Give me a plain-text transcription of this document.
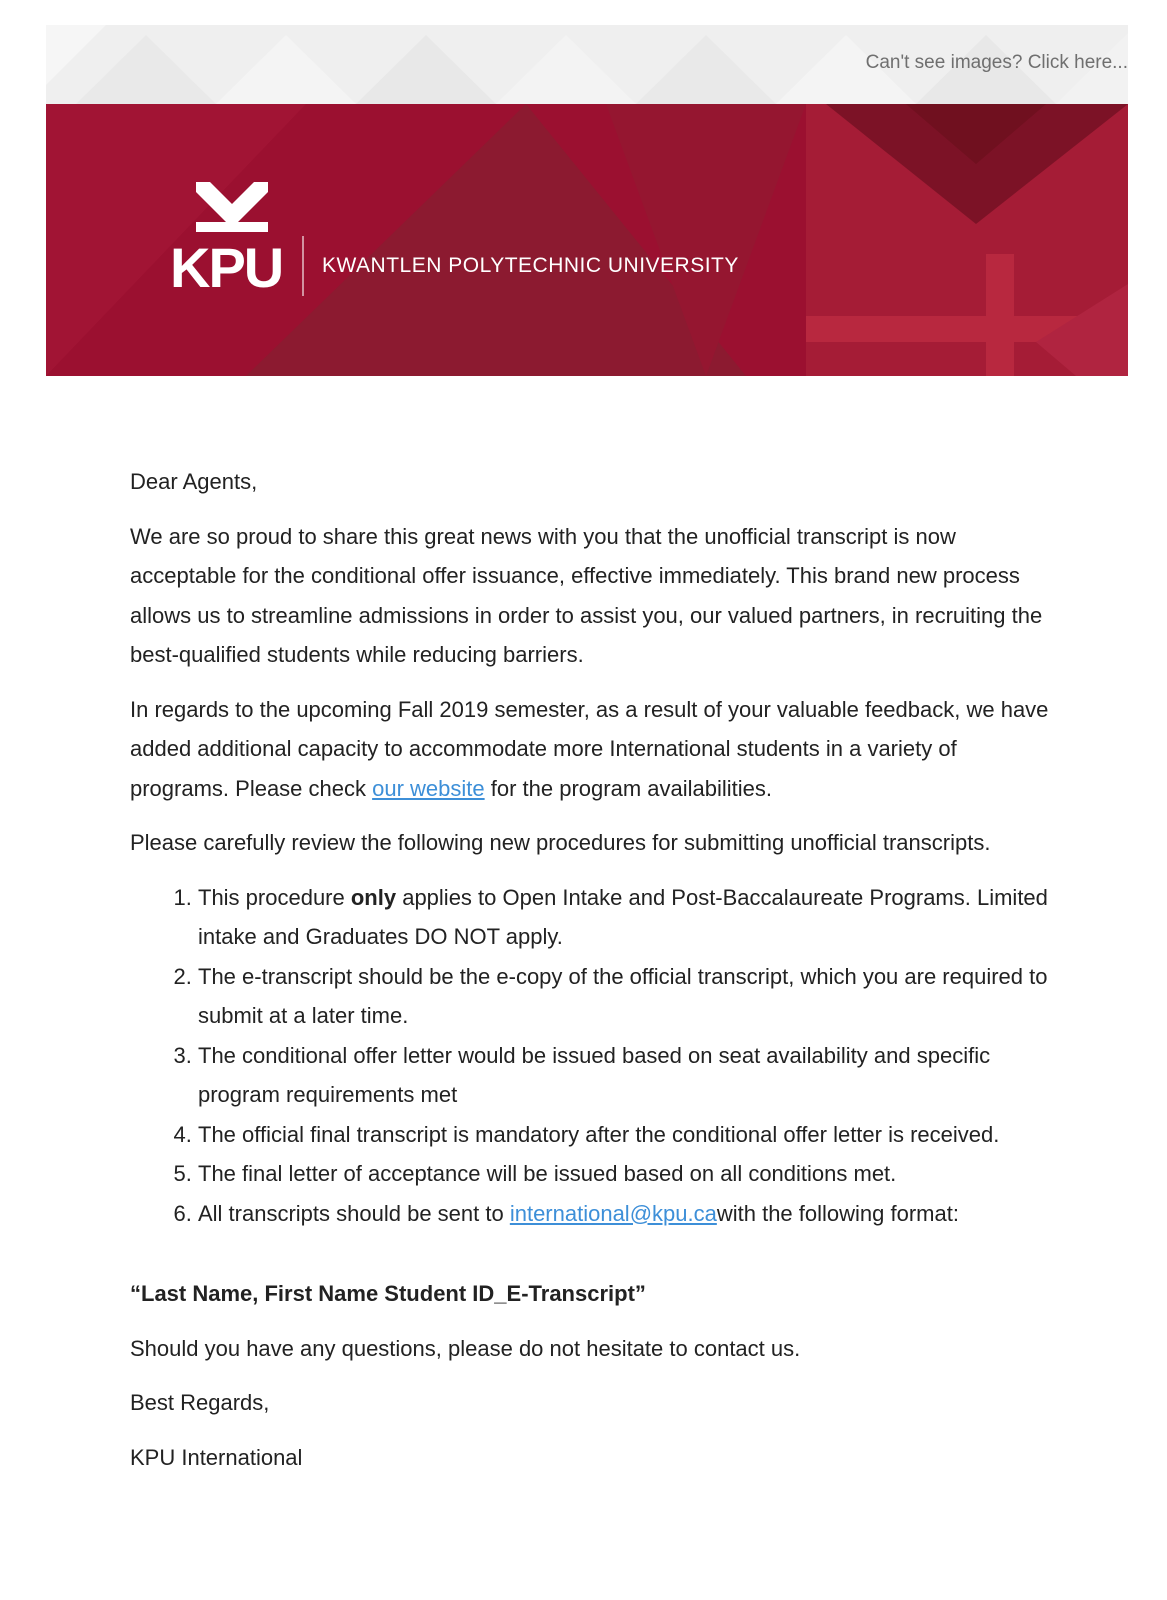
Can't see images? Click here...
KPU KWANTLEN POLYTECHNIC UNIVERSITY

Dear Agents,

We are so proud to share this great news with you that the unofficial transcript is now acceptable for the conditional offer issuance, effective immediately. This brand new process allows us to streamline admissions in order to assist you, our valued partners, in recruiting the best-qualified students while reducing barriers.

In regards to the upcoming Fall 2019 semester, as a result of your valuable feedback, we have added additional capacity to accommodate more International students in a variety of programs. Please check our website for the program availabilities.

Please carefully review the following new procedures for submitting unofficial transcripts.

1. This procedure only applies to Open Intake and Post-Baccalaureate Programs. Limited intake and Graduates DO NOT apply.
2. The e-transcript should be the e-copy of the official transcript, which you are required to submit at a later time.
3. The conditional offer letter would be issued based on seat availability and specific program requirements met
4. The official final transcript is mandatory after the conditional offer letter is received.
5. The final letter of acceptance will be issued based on all conditions met.
6. All transcripts should be sent to international@kpu.cawith the following format:

“Last Name, First Name Student ID_E-Transcript”

Should you have any questions, please do not hesitate to contact us.

Best Regards,

KPU International
